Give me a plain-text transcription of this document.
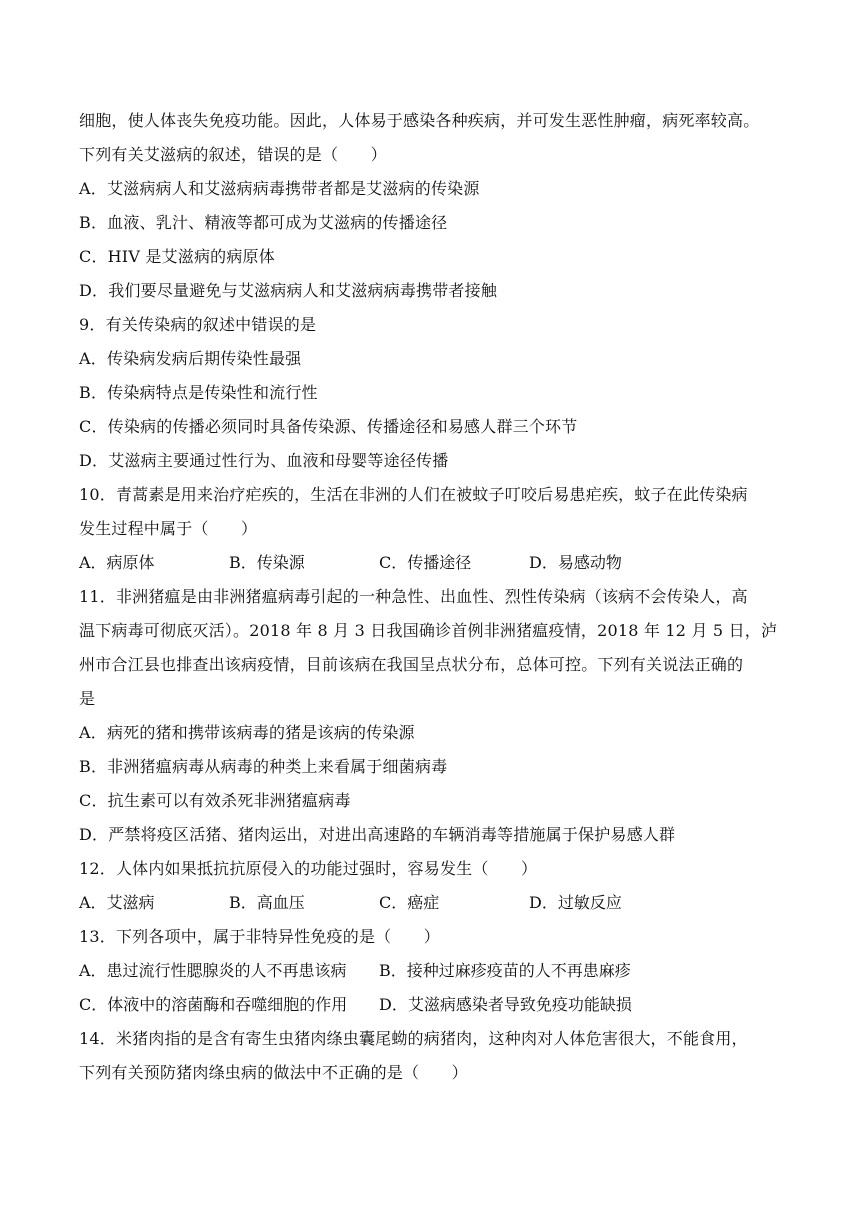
细胞，使人体丧失免疫功能。因此，人体易于感染各种疾病，并可发生恶性肿瘤，病死率较高。
下列有关艾滋病的叙述，错误的是（　　）
A．艾滋病病人和艾滋病病毒携带者都是艾滋病的传染源
B．血液、乳汁、精液等都可成为艾滋病的传播途径
C．HIV 是艾滋病的病原体
D．我们要尽量避免与艾滋病病人和艾滋病病毒携带者接触
9．有关传染病的叙述中错误的是
A．传染病发病后期传染性最强
B．传染病特点是传染性和流行性
C．传染病的传播必须同时具备传染源、传播途径和易感人群三个环节
D．艾滋病主要通过性行为、血液和母婴等途径传播
10．青蒿素是用来治疗疟疾的，生活在非洲的人们在被蚊子叮咬后易患疟疾，蚊子在此传染病
发生过程中属于（　　）
A．病原体	B．传染源	C．传播途径	D．易感动物
11．非洲猪瘟是由非洲猪瘟病毒引起的一种急性、出血性、烈性传染病（该病不会传染人，高
温下病毒可彻底灭活）。2018 年 8 月 3 日我国确诊首例非洲猪瘟疫情，2018 年 12 月 5 日，泸
州市合江县也排查出该病疫情，目前该病在我国呈点状分布，总体可控。下列有关说法正确的
是
A．病死的猪和携带该病毒的猪是该病的传染源
B．非洲猪瘟病毒从病毒的种类上来看属于细菌病毒
C．抗生素可以有效杀死非洲猪瘟病毒
D．严禁将疫区活猪、猪肉运出，对进出高速路的车辆消毒等措施属于保护易感人群
12．人体内如果抵抗抗原侵入的功能过强时，容易发生（　　）
A．艾滋病	B．高血压	C．癌症	D．过敏反应
13．下列各项中，属于非特异性免疫的是（　　）
A．患过流行性腮腺炎的人不再患该病	B．接种过麻疹疫苗的人不再患麻疹
C．体液中的溶菌酶和吞噬细胞的作用	D．艾滋病感染者导致免疫功能缺损
14．米猪肉指的是含有寄生虫猪肉绦虫囊尾蚴的病猪肉，这种肉对人体危害很大，不能食用，
下列有关预防猪肉绦虫病的做法中不正确的是（　　）
